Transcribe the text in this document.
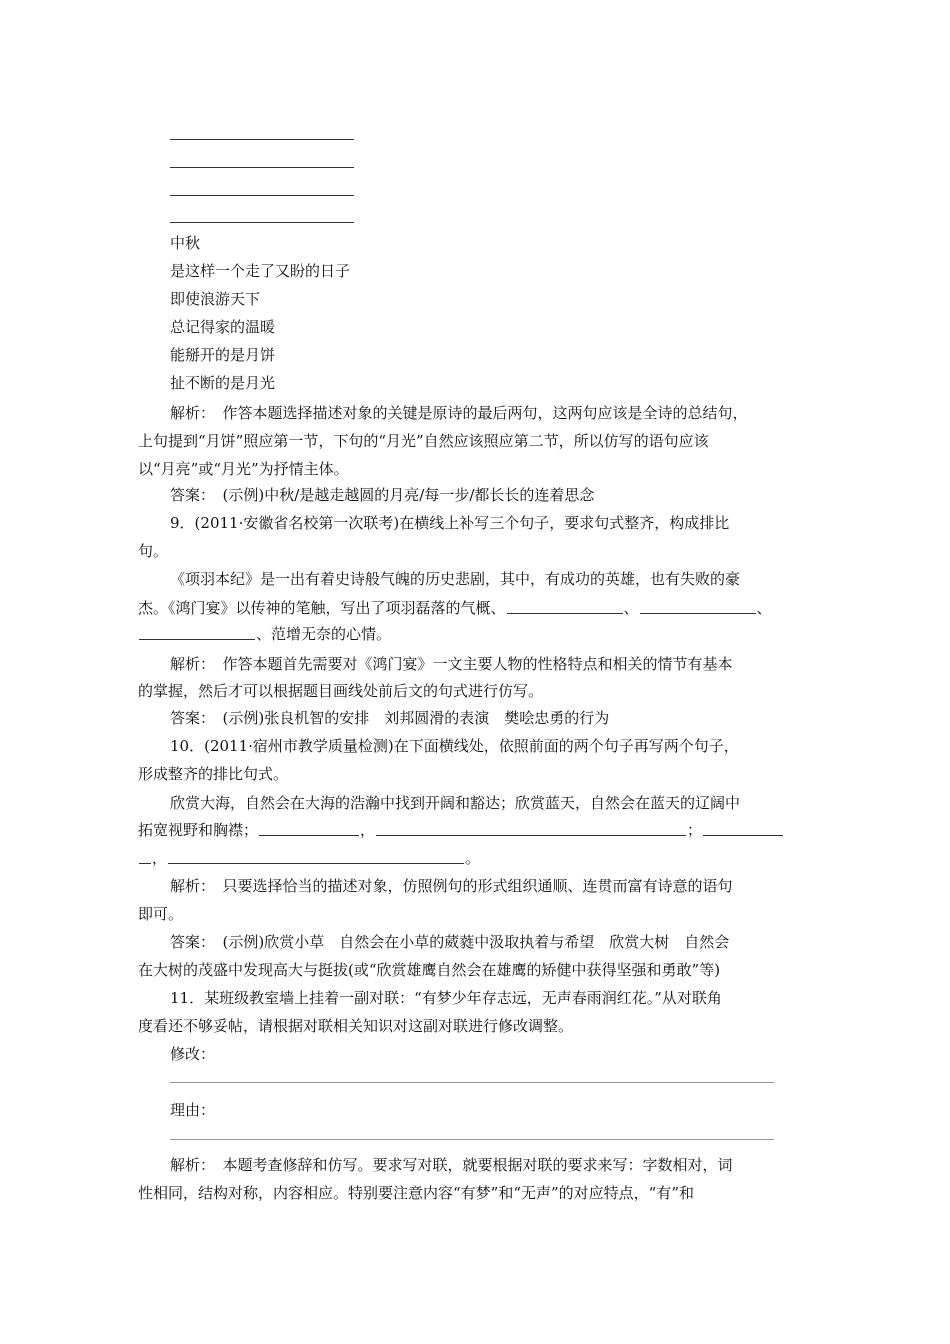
中秋
是这样一个走了又盼的日子
即使浪游天下
总记得家的温暖
能掰开的是月饼
扯不断的是月光
解析：　作答本题选择描述对象的关键是原诗的最后两句，这两句应该是全诗的总结句，
上句提到“月饼”照应第一节，下句的“月光”自然应该照应第二节，所以仿写的语句应该
以“月亮”或“月光”为抒情主体。
答案：　(示例)中秋/是越走越圆的月亮/每一步/都长长的连着思念
9．(2011·安徽省名校第一次联考)在横线上补写三个句子，要求句式整齐，构成排比
句。
《项羽本纪》是一出有着史诗般气魄的历史悲剧，其中，有成功的英雄，也有失败的豪
杰。《鸿门宴》以传神的笔触，写出了项羽磊落的气概、	、	、
、范增无奈的心情。
解析：　作答本题首先需要对《鸿门宴》一文主要人物的性格特点和相关的情节有基本
的掌握，然后才可以根据题目画线处前后文的句式进行仿写。
答案：　(示例)张良机智的安排　刘邦圆滑的表演　樊哙忠勇的行为
10．(2011·宿州市教学质量检测)在下面横线处，依照前面的两个句子再写两个句子，
形成整齐的排比句式。
欣赏大海，自然会在大海的浩瀚中找到开阔和豁达；欣赏蓝天，自然会在蓝天的辽阔中
拓宽视野和胸襟；	，	；
，	。
解析：　只要选择恰当的描述对象，仿照例句的形式组织通顺、连贯而富有诗意的语句
即可。
答案：　(示例)欣赏小草　自然会在小草的葳蕤中汲取执着与希望　欣赏大树　自然会
在大树的茂盛中发现高大与挺拔(或“欣赏雄鹰自然会在雄鹰的矫健中获得坚强和勇敢”等)
11．某班级教室墙上挂着一副对联：“有梦少年存志远，无声春雨润红花。”从对联角
度看还不够妥帖，请根据对联相关知识对这副对联进行修改调整。
修改：
理由：
解析：　本题考查修辞和仿写。要求写对联，就要根据对联的要求来写：字数相对，词
性相同，结构对称，内容相应。特别要注意内容“有梦”和“无声”的对应特点，“有”和
